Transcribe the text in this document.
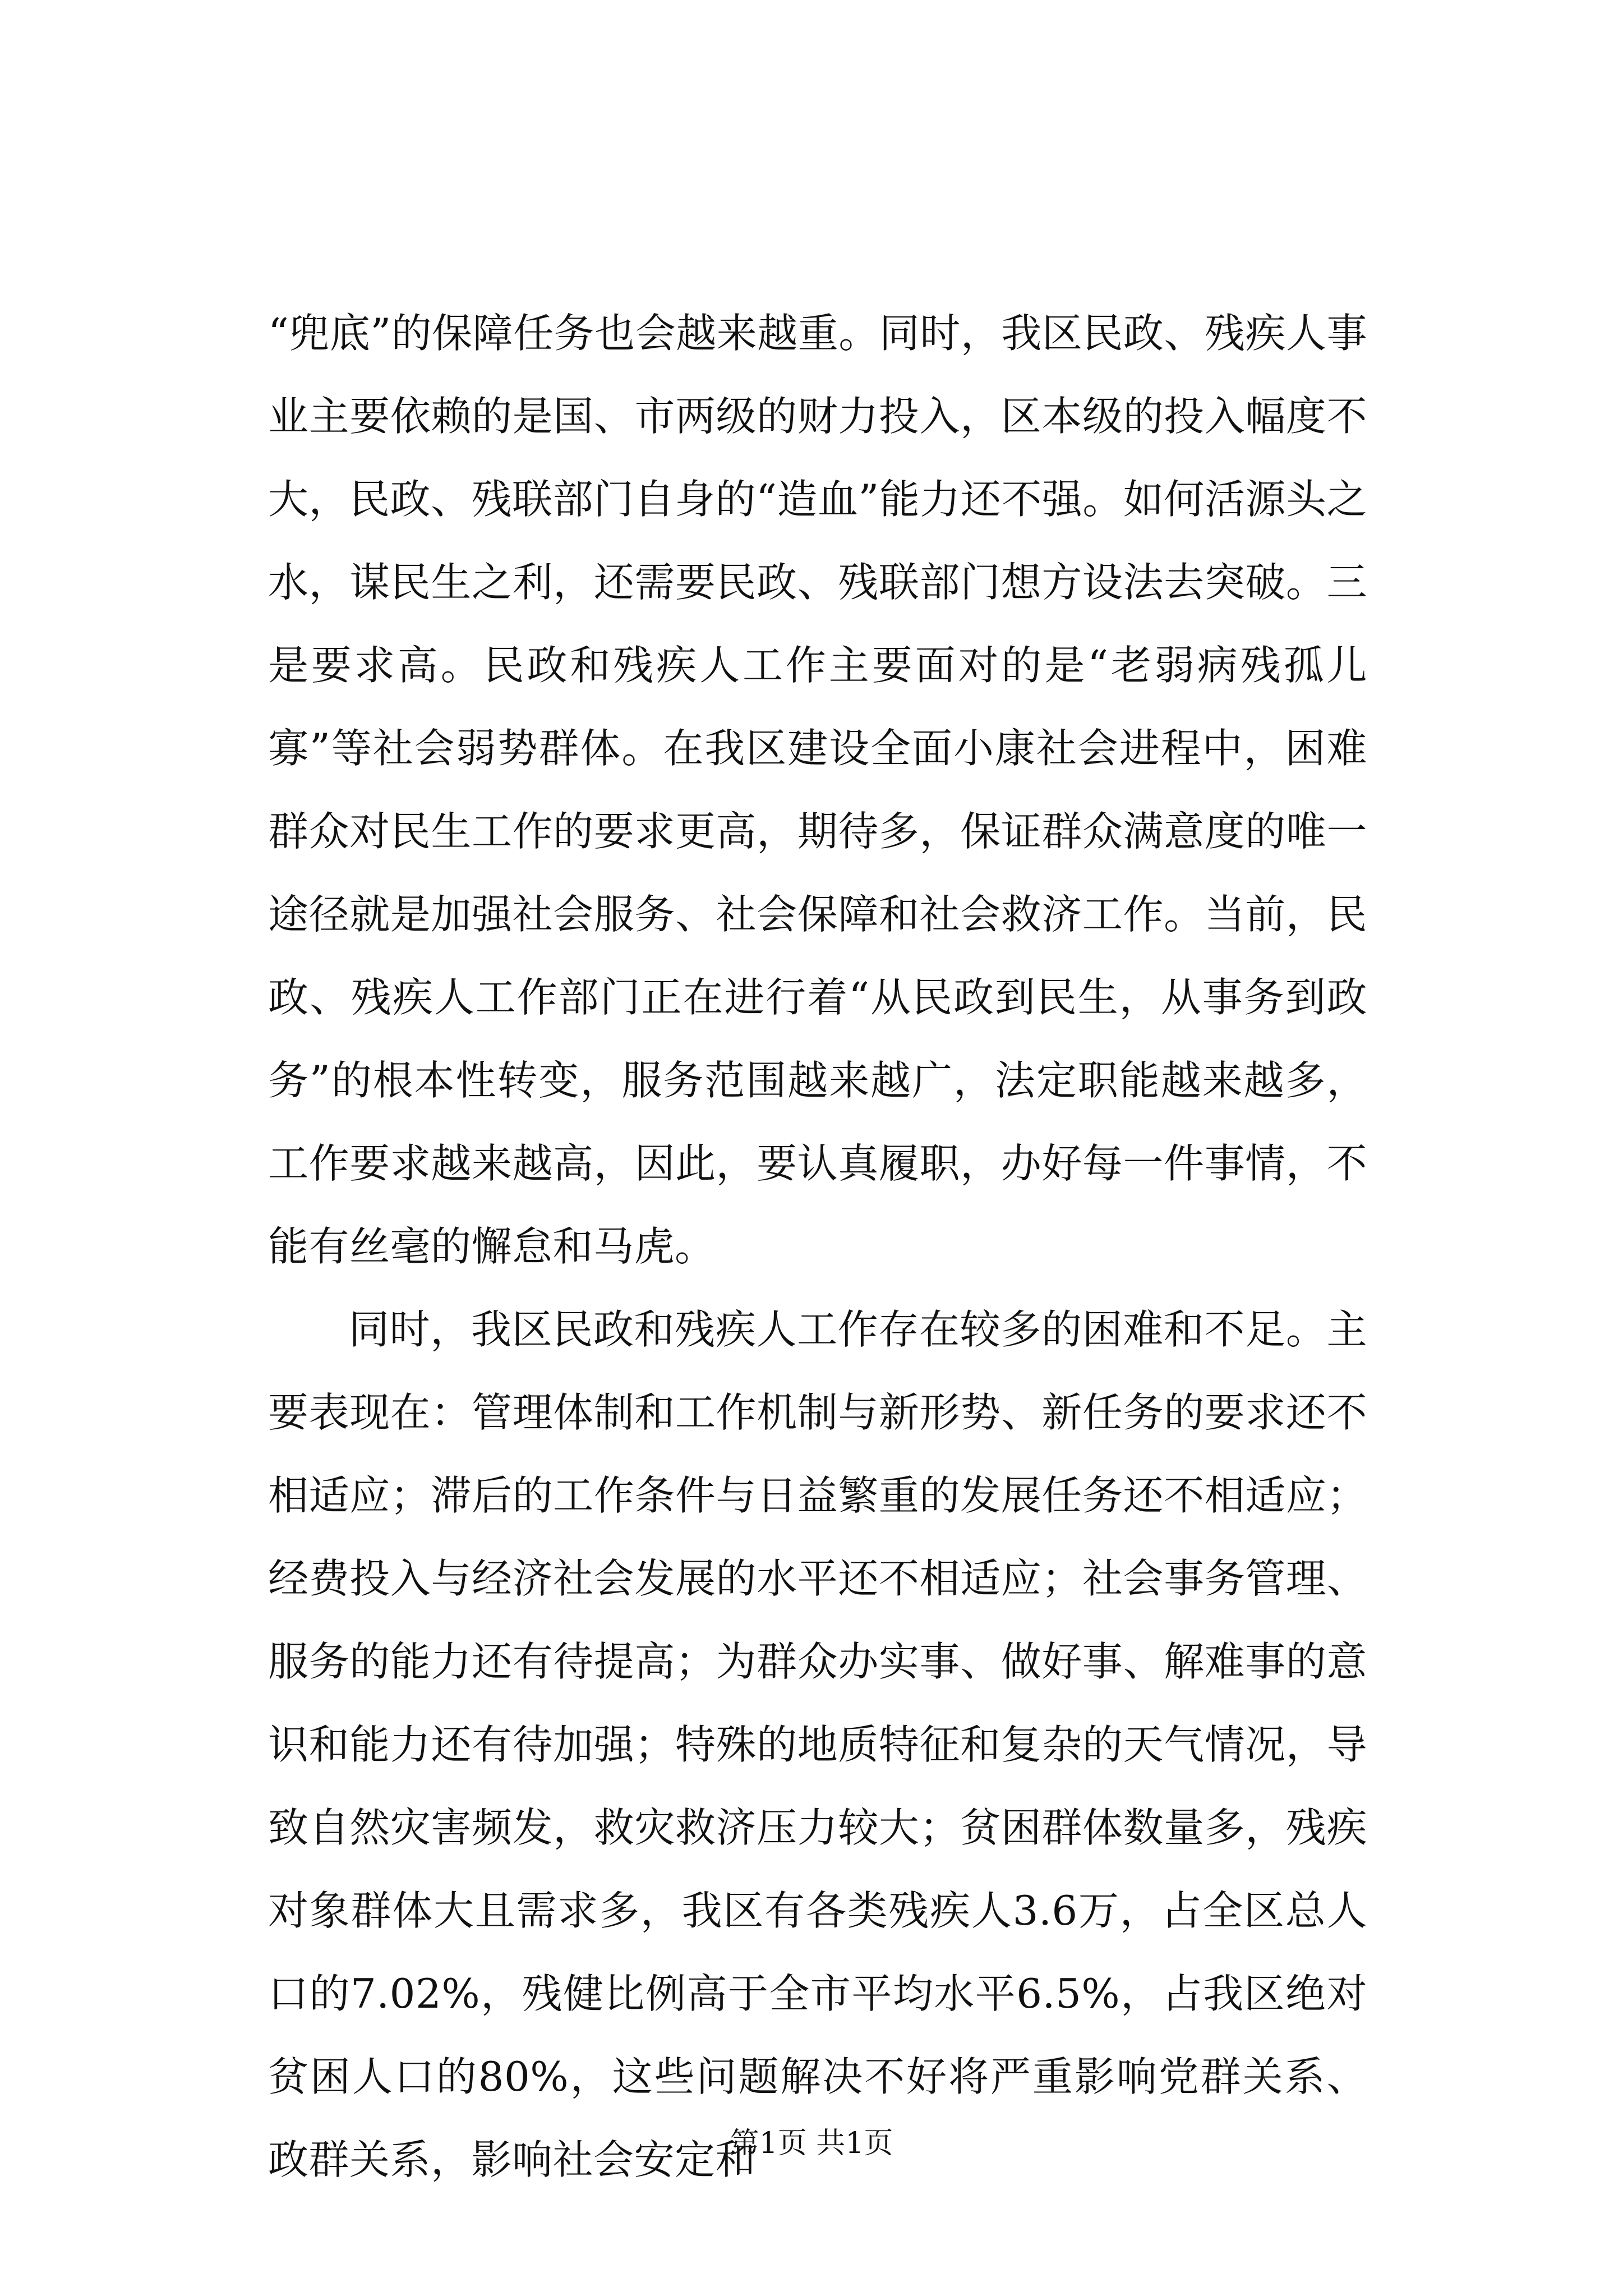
“兜底”的保障任务也会越来越重。同时，我区民政、残疾人事业主要依赖的是国、市两级的财力投入，区本级的投入幅度不大，民政、残联部门自身的“造血”能力还不强。如何活源头之水，谋民生之利，还需要民政、残联部门想方设法去突破。三是要求高。民政和残疾人工作主要面对的是“老弱病残孤儿寡”等社会弱势群体。在我区建设全面小康社会进程中，困难群众对民生工作的要求更高，期待多，保证群众满意度的唯一途径就是加强社会服务、社会保障和社会救济工作。当前，民政、残疾人工作部门正在进行着“从民政到民生，从事务到政务”的根本性转变，服务范围越来越广，法定职能越来越多，工作要求越来越高，因此，要认真履职，办好每一件事情，不能有丝毫的懈怠和马虎。

同时，我区民政和残疾人工作存在较多的困难和不足。主要表现在：管理体制和工作机制与新形势、新任务的要求还不相适应；滞后的工作条件与日益繁重的发展任务还不相适应；经费投入与经济社会发展的水平还不相适应；社会事务管理、服务的能力还有待提高；为群众办实事、做好事、解难事的意识和能力还有待加强；特殊的地质特征和复杂的天气情况，导致自然灾害频发，救灾救济压力较大；贫困群体数量多，残疾对象群体大且需求多，我区有各类残疾人3.6万，占全区总人口的7.02%，残健比例高于全市平均水平6.5%，占我区绝对贫困人口的80%，这些问题解决不好将严重影响党群关系、政群关系，影响社会安定和

第1页 共1页
